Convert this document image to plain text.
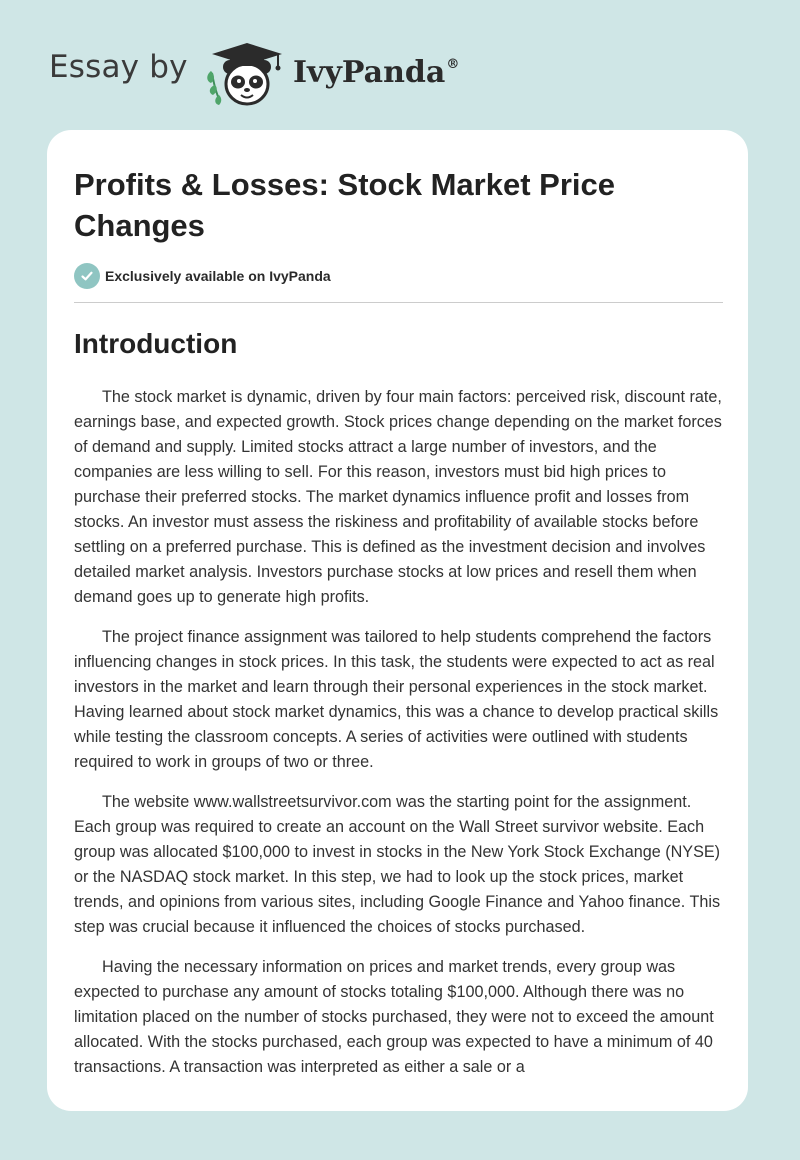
Essay by	IvyPanda®
Profits & Losses: Stock Market Price Changes
Exclusively available on IvyPanda
Introduction

The stock market is dynamic, driven by four main factors: perceived risk, discount rate, earnings base, and expected growth. Stock prices change depending on the market forces of demand and supply. Limited stocks attract a large number of investors, and the companies are less willing to sell. For this reason, investors must bid high prices to purchase their preferred stocks. The market dynamics influence profit and losses from stocks. An investor must assess the riskiness and profitability of available stocks before settling on a preferred purchase. This is defined as the investment decision and involves detailed market analysis. Investors purchase stocks at low prices and resell them when demand goes up to generate high profits.

The project finance assignment was tailored to help students comprehend the factors influencing changes in stock prices. In this task, the students were expected to act as real investors in the market and learn through their personal experiences in the stock market. Having learned about stock market dynamics, this was a chance to develop practical skills while testing the classroom concepts. A series of activities were outlined with students required to work in groups of two or three.

The website www.wallstreetsurvivor.com was the starting point for the assignment. Each group was required to create an account on the Wall Street survivor website. Each group was allocated $100,000 to invest in stocks in the New York Stock Exchange (NYSE) or the NASDAQ stock market. In this step, we had to look up the stock prices, market trends, and opinions from various sites, including Google Finance and Yahoo finance. This step was crucial because it influenced the choices of stocks purchased.

Having the necessary information on prices and market trends, every group was expected to purchase any amount of stocks totaling $100,000. Although there was no limitation placed on the number of stocks purchased, they were not to exceed the amount allocated. With the stocks purchased, each group was expected to have a minimum of 40 transactions. A transaction was interpreted as either a sale or a
